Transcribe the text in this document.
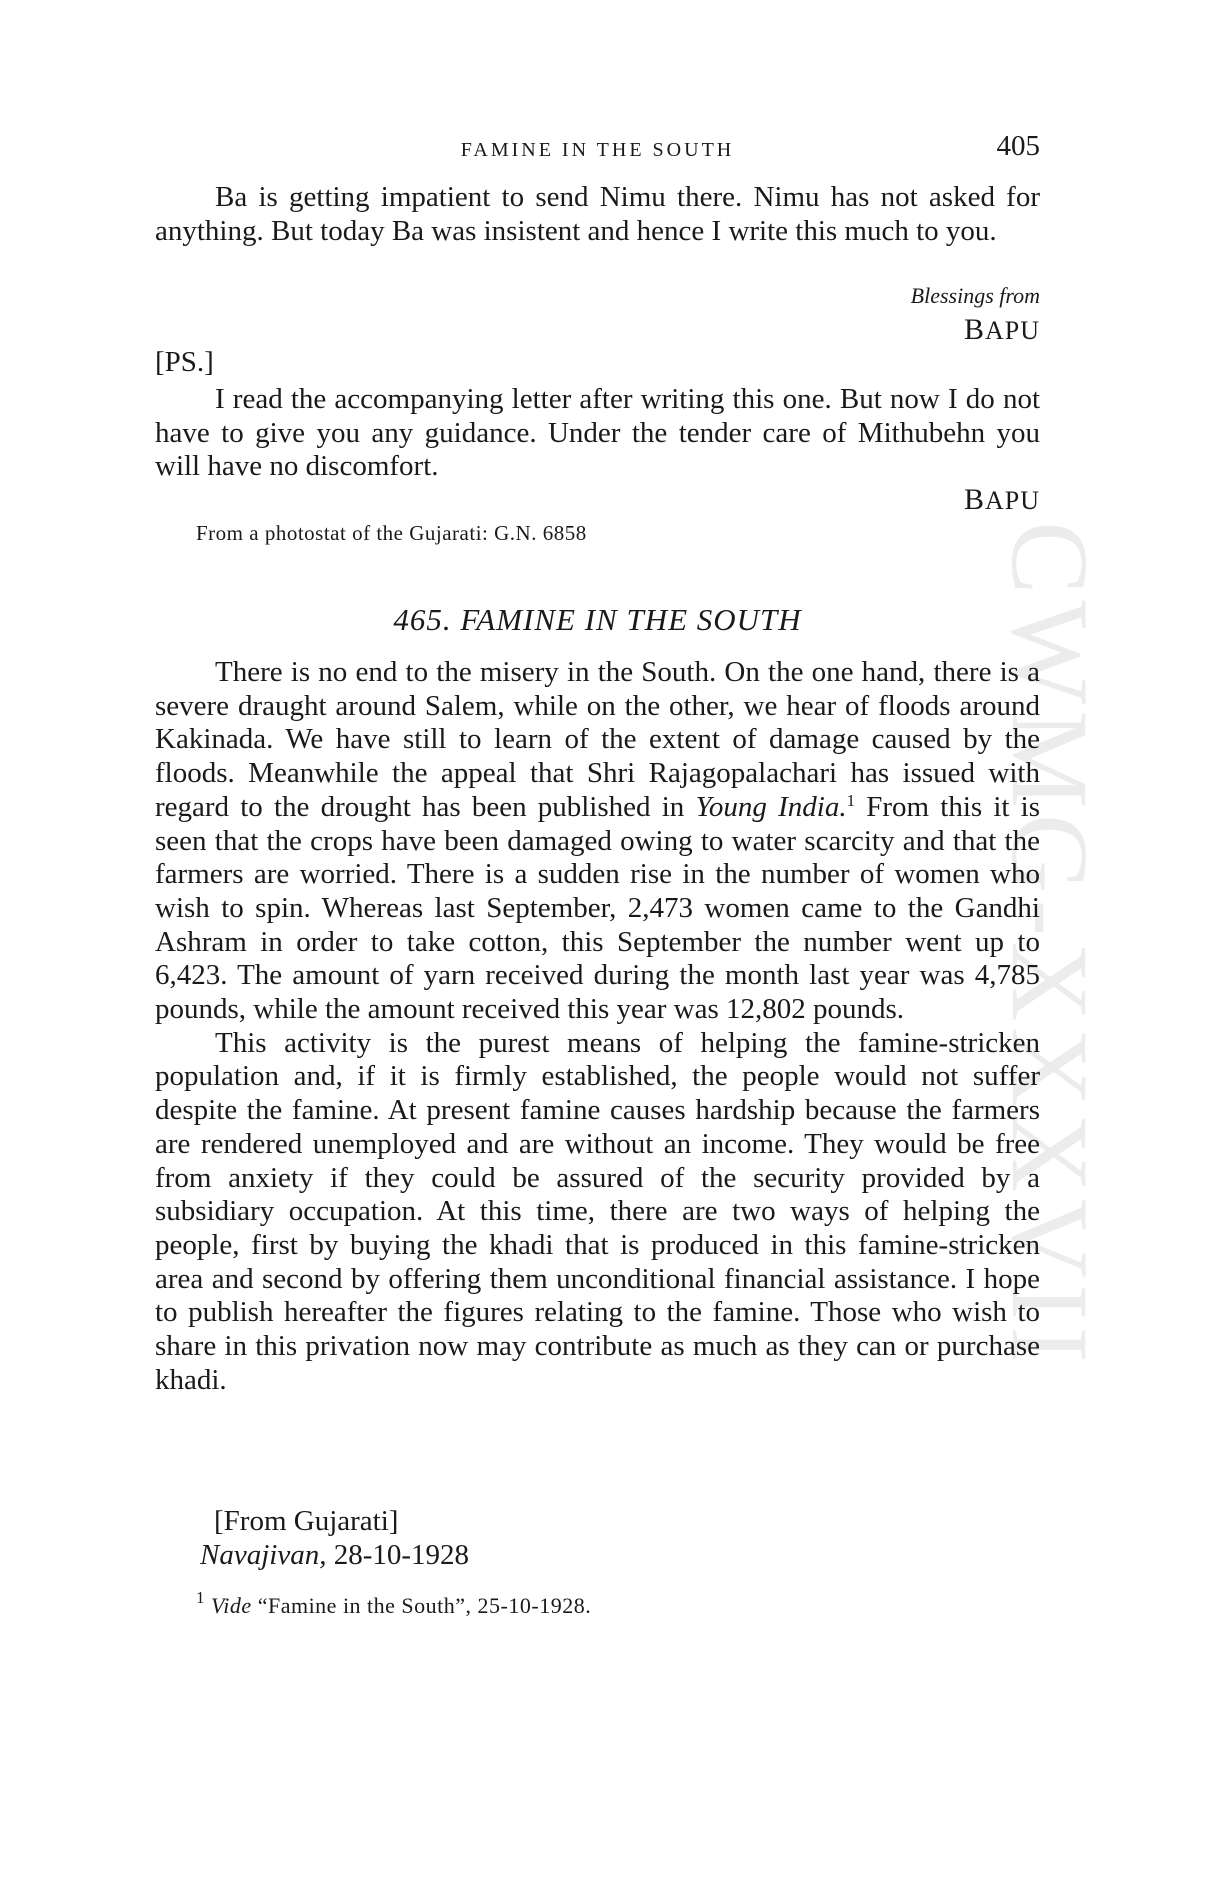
CWMG-XXXVII
FAMINE IN THE SOUTH	405

Ba is getting impatient to send Nimu there. Nimu has not asked for anything. But today Ba was insistent and hence I write this much to you.

Blessings from
BAPU
[PS.]

I read the accompanying letter after writing this one. But now I do not have to give you any guidance. Under the tender care of Mithubehn you will have no discomfort.

BAPU
From a photostat of the Gujarati: G.N. 6858
465. FAMINE IN THE SOUTH

There is no end to the misery in the South. On the one hand, there is a severe draught around Salem, while on the other, we hear of floods around Kakinada. We have still to learn of the extent of damage caused by the floods. Meanwhile the appeal that Shri Rajagopalachari has issued with regard to the drought has been published in Young India.$^1$ From this it is seen that the crops have been damaged owing to water scarcity and that the farmers are worried. There is a sudden rise in the number of women who wish to spin. Whereas last September, 2,473 women came to the Gandhi Ashram in order to take cotton, this September the number went up to 6,423. The amount of yarn received during the month last year was 4,785 pounds, while the amount received this year was 12,802 pounds.

This activity is the purest means of helping the famine-stricken population and, if it is firmly established, the people would not suffer despite the famine. At present famine causes hardship because the farmers are rendered unemployed and are without an income. They would be free from anxiety if they could be assured of the security provided by a subsidiary occupation. At this time, there are two ways of helping the people, first by buying the khadi that is produced in this famine-stricken area and second by offering them unconditional financial assistance. I hope to publish hereafter the figures relating to the famine. Those who wish to share in this privation now may contribute as much as they can or purchase khadi.

[From Gujarati]
Navajivan, 28-10-1928
$^1$ Vide “Famine in the South”, 25-10-1928.
